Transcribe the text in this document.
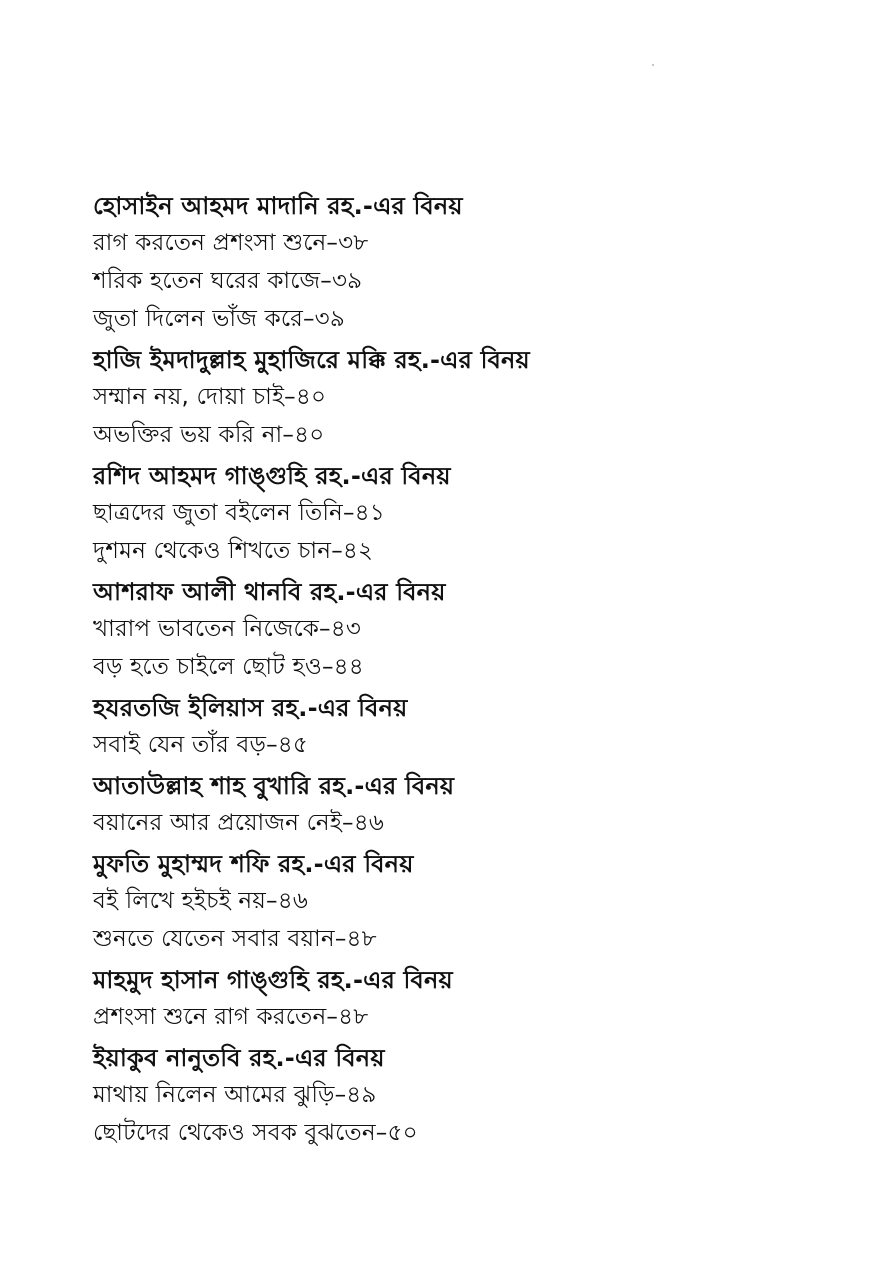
হোসাইন আহমদ মাদানি রহ.-এর বিনয়
রাগ করতেন প্রশংসা শুনে–৩৮
শরিক হতেন ঘরের কাজে–৩৯
জুতা দিলেন ভাঁজ করে–৩৯
হাজি ইমদাদুল্লাহ মুহাজিরে মক্কি রহ.-এর বিনয়
সম্মান নয়, দোয়া চাই–৪০
অভক্তির ভয় করি না–৪০
রশিদ আহমদ গাঙ্গুহি রহ.-এর বিনয়
ছাত্রদের জুতা বইলেন তিনি–৪১
দুশমন থেকেও শিখতে চান–৪২
আশরাফ আলী থানবি রহ.-এর বিনয়
খারাপ ভাবতেন নিজেকে–৪৩
বড় হতে চাইলে ছোট হও–৪৪
হযরতজি ইলিয়াস রহ.-এর বিনয়
সবাই যেন তাঁর বড়–৪৫
আতাউল্লাহ শাহ বুখারি রহ.-এর বিনয়
বয়ানের আর প্রয়োজন নেই–৪৬
মুফতি মুহাম্মদ শফি রহ.-এর বিনয়
বই লিখে হইচই নয়–৪৬
শুনতে যেতেন সবার বয়ান–৪৮
মাহমুদ হাসান গাঙ্গুহি রহ.-এর বিনয়
প্রশংসা শুনে রাগ করতেন–৪৮
ইয়াকুব নানুতবি রহ.-এর বিনয়
মাথায় নিলেন আমের ঝুড়ি–৪৯
ছোটদের থেকেও সবক বুঝতেন–৫০
